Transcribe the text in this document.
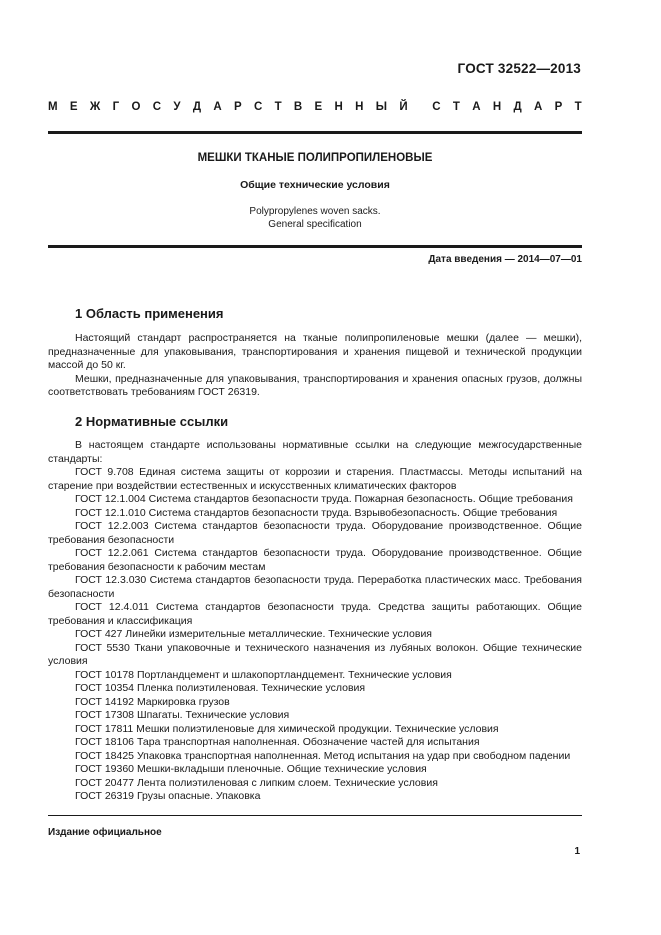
ГОСТ 32522—2013
М Е Ж Г О С У Д А Р С Т В Е Н Н Ы Й С Т А Н Д А Р Т
МЕШКИ ТКАНЫЕ ПОЛИПРОПИЛЕНОВЫЕ
Общие технические условия
Polypropylenes woven sacks.
General specification
Дата введения — 2014—07—01
1 Область применения

Настоящий стандарт распространяется на тканые полипропиленовые мешки (далее — мешки), предназначенные для упаковывания, транспортирования и хранения пищевой и технической продукции массой до 50 кг.

Мешки, предназначенные для упаковывания, транспортирования и хранения опасных грузов, должны соответствовать требованиям ГОСТ 26319.

2 Нормативные ссылки

В настоящем стандарте использованы нормативные ссылки на следующие межгосударственные стандарты:

ГОСТ 9.708 Единая система защиты от коррозии и старения. Пластмассы. Методы испытаний на старение при воздействии естественных и искусственных климатических факторов

ГОСТ 12.1.004 Система стандартов безопасности труда. Пожарная безопасность. Общие требования

ГОСТ 12.1.010 Система стандартов безопасности труда. Взрывобезопасность. Общие требования

ГОСТ 12.2.003 Система стандартов безопасности труда. Оборудование производственное. Общие требования безопасности

ГОСТ 12.2.061 Система стандартов безопасности труда. Оборудование производственное. Общие требования безопасности к рабочим местам

ГОСТ 12.3.030 Система стандартов безопасности труда. Переработка пластических масс. Требования безопасности

ГОСТ 12.4.011 Система стандартов безопасности труда. Средства защиты работающих. Общие требования и классификация

ГОСТ 427 Линейки измерительные металлические. Технические условия

ГОСТ 5530 Ткани упаковочные и технического назначения из лубяных волокон. Общие технические условия

ГОСТ 10178 Портландцемент и шлакопортландцемент. Технические условия

ГОСТ 10354 Пленка полиэтиленовая. Технические условия

ГОСТ 14192 Маркировка грузов

ГОСТ 17308 Шпагаты. Технические условия

ГОСТ 17811 Мешки полиэтиленовые для химической продукции. Технические условия

ГОСТ 18106 Тара транспортная наполненная. Обозначение частей для испытания

ГОСТ 18425 Упаковка транспортная наполненная. Метод испытания на удар при свободном падении

ГОСТ 19360 Мешки-вкладыши пленочные. Общие технические условия

ГОСТ 20477 Лента полиэтиленовая с липким слоем. Технические условия

ГОСТ 26319 Грузы опасные. Упаковка

Издание официальное
1
